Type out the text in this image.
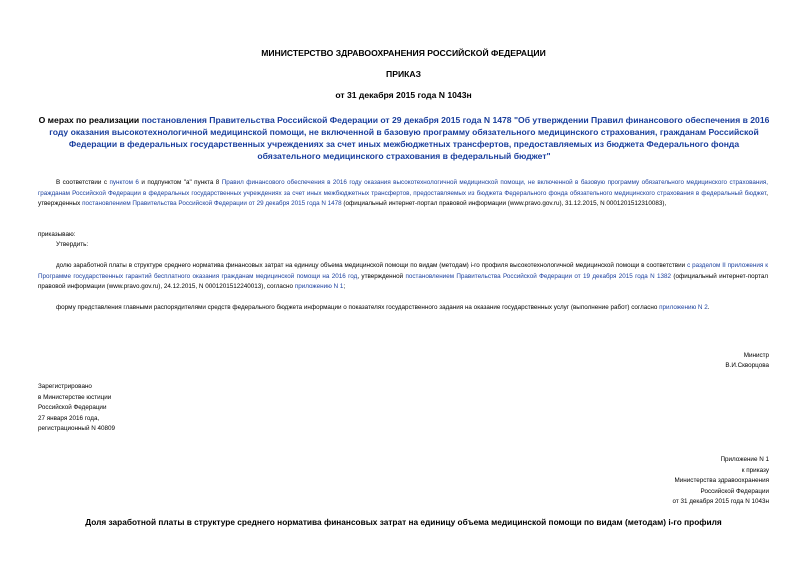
МИНИСТЕРСТВО ЗДРАВООХРАНЕНИЯ РОССИЙСКОЙ ФЕДЕРАЦИИ
ПРИКАЗ
от 31 декабря 2015 года N 1043н
О мерах по реализации постановления Правительства Российской Федерации от 29 декабря 2015 года N 1478 "Об утверждении Правил финансового обеспечения в 2016 году оказания высокотехнологичной медицинской помощи, не включенной в базовую программу обязательного медицинского страхования, гражданам Российской Федерации в федеральных государственных учреждениях за счет иных межбюджетных трансфертов, предоставляемых из бюджета Федерального фонда обязательного медицинского страхования в федеральный бюджет"
В соответствии с пунктом 6 и подпунктом "а" пункта 8 Правил финансового обеспечения в 2016 году оказания высокотехнологичной медицинской помощи, не включенной в базовую программу обязательного медицинского страхования, гражданам Российской Федерации в федеральных государственных учреждениях за счет иных межбюджетных трансфертов, предоставляемых из бюджета Федерального фонда обязательного медицинского страхования в федеральный бюджет, утвержденных постановлением Правительства Российской Федерации от 29 декабря 2015 года N 1478 (официальный интернет-портал правовой информации (www.pravo.gov.ru), 31.12.2015, N 0001201512310083),
приказываю:
Утвердить:
долю заработной платы в структуре среднего норматива финансовых затрат на единицу объема медицинской помощи по видам (методам) i-го профиля высокотехнологичной медицинской помощи в соответствии с разделом II приложения к Программе государственных гарантий бесплатного оказания гражданам медицинской помощи на 2016 год, утвержденной постановлением Правительства Российской Федерации от 19 декабря 2015 года N 1382 (официальный интернет-портал правовой информации (www.pravo.gov.ru), 24.12.2015, N 0001201512240013), согласно приложению N 1;
форму представления главными распорядителями средств федерального бюджета информации о показателях государственного задания на оказание государственных услуг (выполнение работ) согласно приложению N 2.
Министр
В.И.Скворцова
Зарегистрировано
в Министерстве юстиции
Российской Федерации
27 января 2016 года,
регистрационный N 40809
Приложение N 1
к приказу
Министерства здравоохранения
Российской Федерации
от 31 декабря 2015 года N 1043н
Доля заработной платы в структуре среднего норматива финансовых затрат на единицу объема медицинской помощи по видам (методам) i-го профиля
